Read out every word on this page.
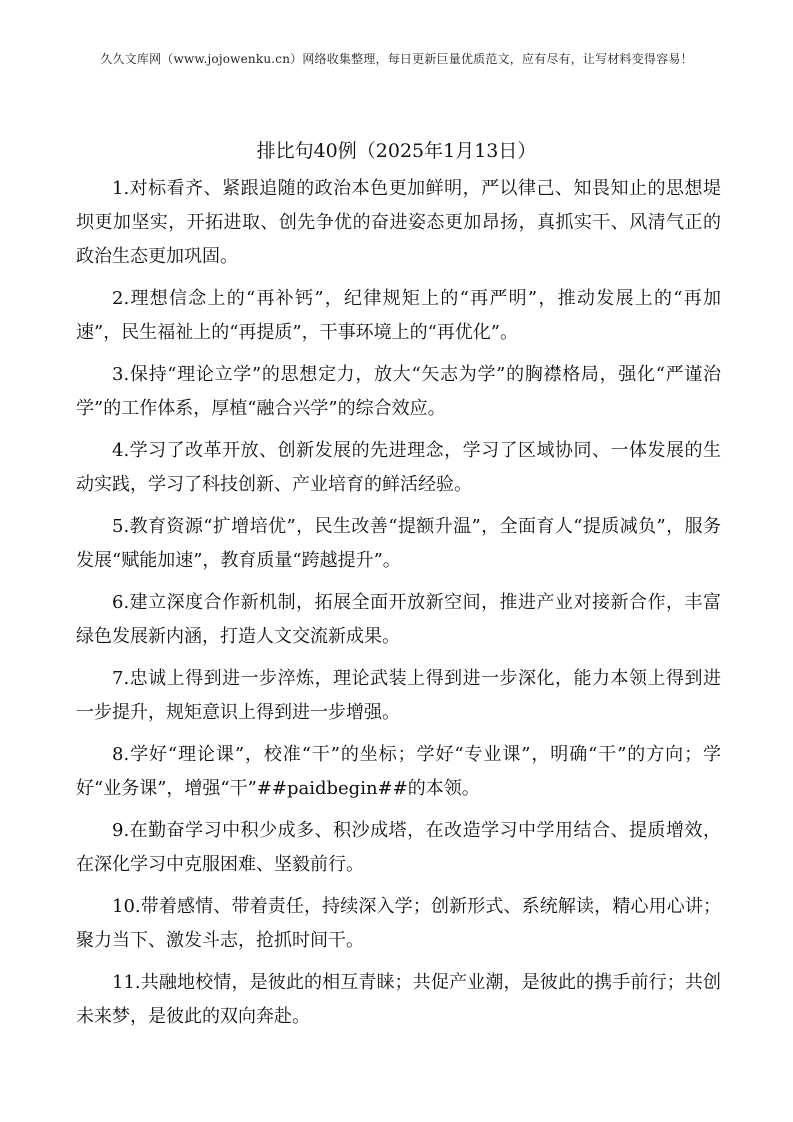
久久文库网（www.jojowenku.cn）网络收集整理，每日更新巨量优质范文，应有尽有，让写材料变得容易！
排比句40例（2025年1月13日）

1.对标看齐、紧跟追随的政治本色更加鲜明，严以律己、知畏知止的思想堤坝更加坚实，开拓进取、创先争优的奋进姿态更加昂扬，真抓实干、风清气正的政治生态更加巩固。

2.理想信念上的“再补钙”，纪律规矩上的“再严明”，推动发展上的“再加速”，民生福祉上的“再提质”，干事环境上的“再优化”。

3.保持“理论立学”的思想定力，放大“矢志为学”的胸襟格局，强化“严谨治学”的工作体系，厚植“融合兴学”的综合效应。

4.学习了改革开放、创新发展的先进理念，学习了区域协同、一体发展的生动实践，学习了科技创新、产业培育的鲜活经验。

5.教育资源“扩增培优”，民生改善“提额升温”，全面育人“提质减负”，服务发展“赋能加速”，教育质量“跨越提升”。

6.建立深度合作新机制，拓展全面开放新空间，推进产业对接新合作，丰富绿色发展新内涵，打造人文交流新成果。

7.忠诚上得到进一步淬炼，理论武装上得到进一步深化，能力本领上得到进一步提升，规矩意识上得到进一步增强。

8.学好“理论课”，校准“干”的坐标；学好“专业课”，明确“干”的方向；学好“业务课”，增强“干”##paidbegin##的本领。

9.在勤奋学习中积少成多、积沙成塔，在改造学习中学用结合、提质增效，在深化学习中克服困难、坚毅前行。

10.带着感情、带着责任，持续深入学；创新形式、系统解读，精心用心讲；聚力当下、激发斗志，抢抓时间干。

11.共融地校情，是彼此的相互青睐；共促产业潮，是彼此的携手前行；共创未来梦，是彼此的双向奔赴。
